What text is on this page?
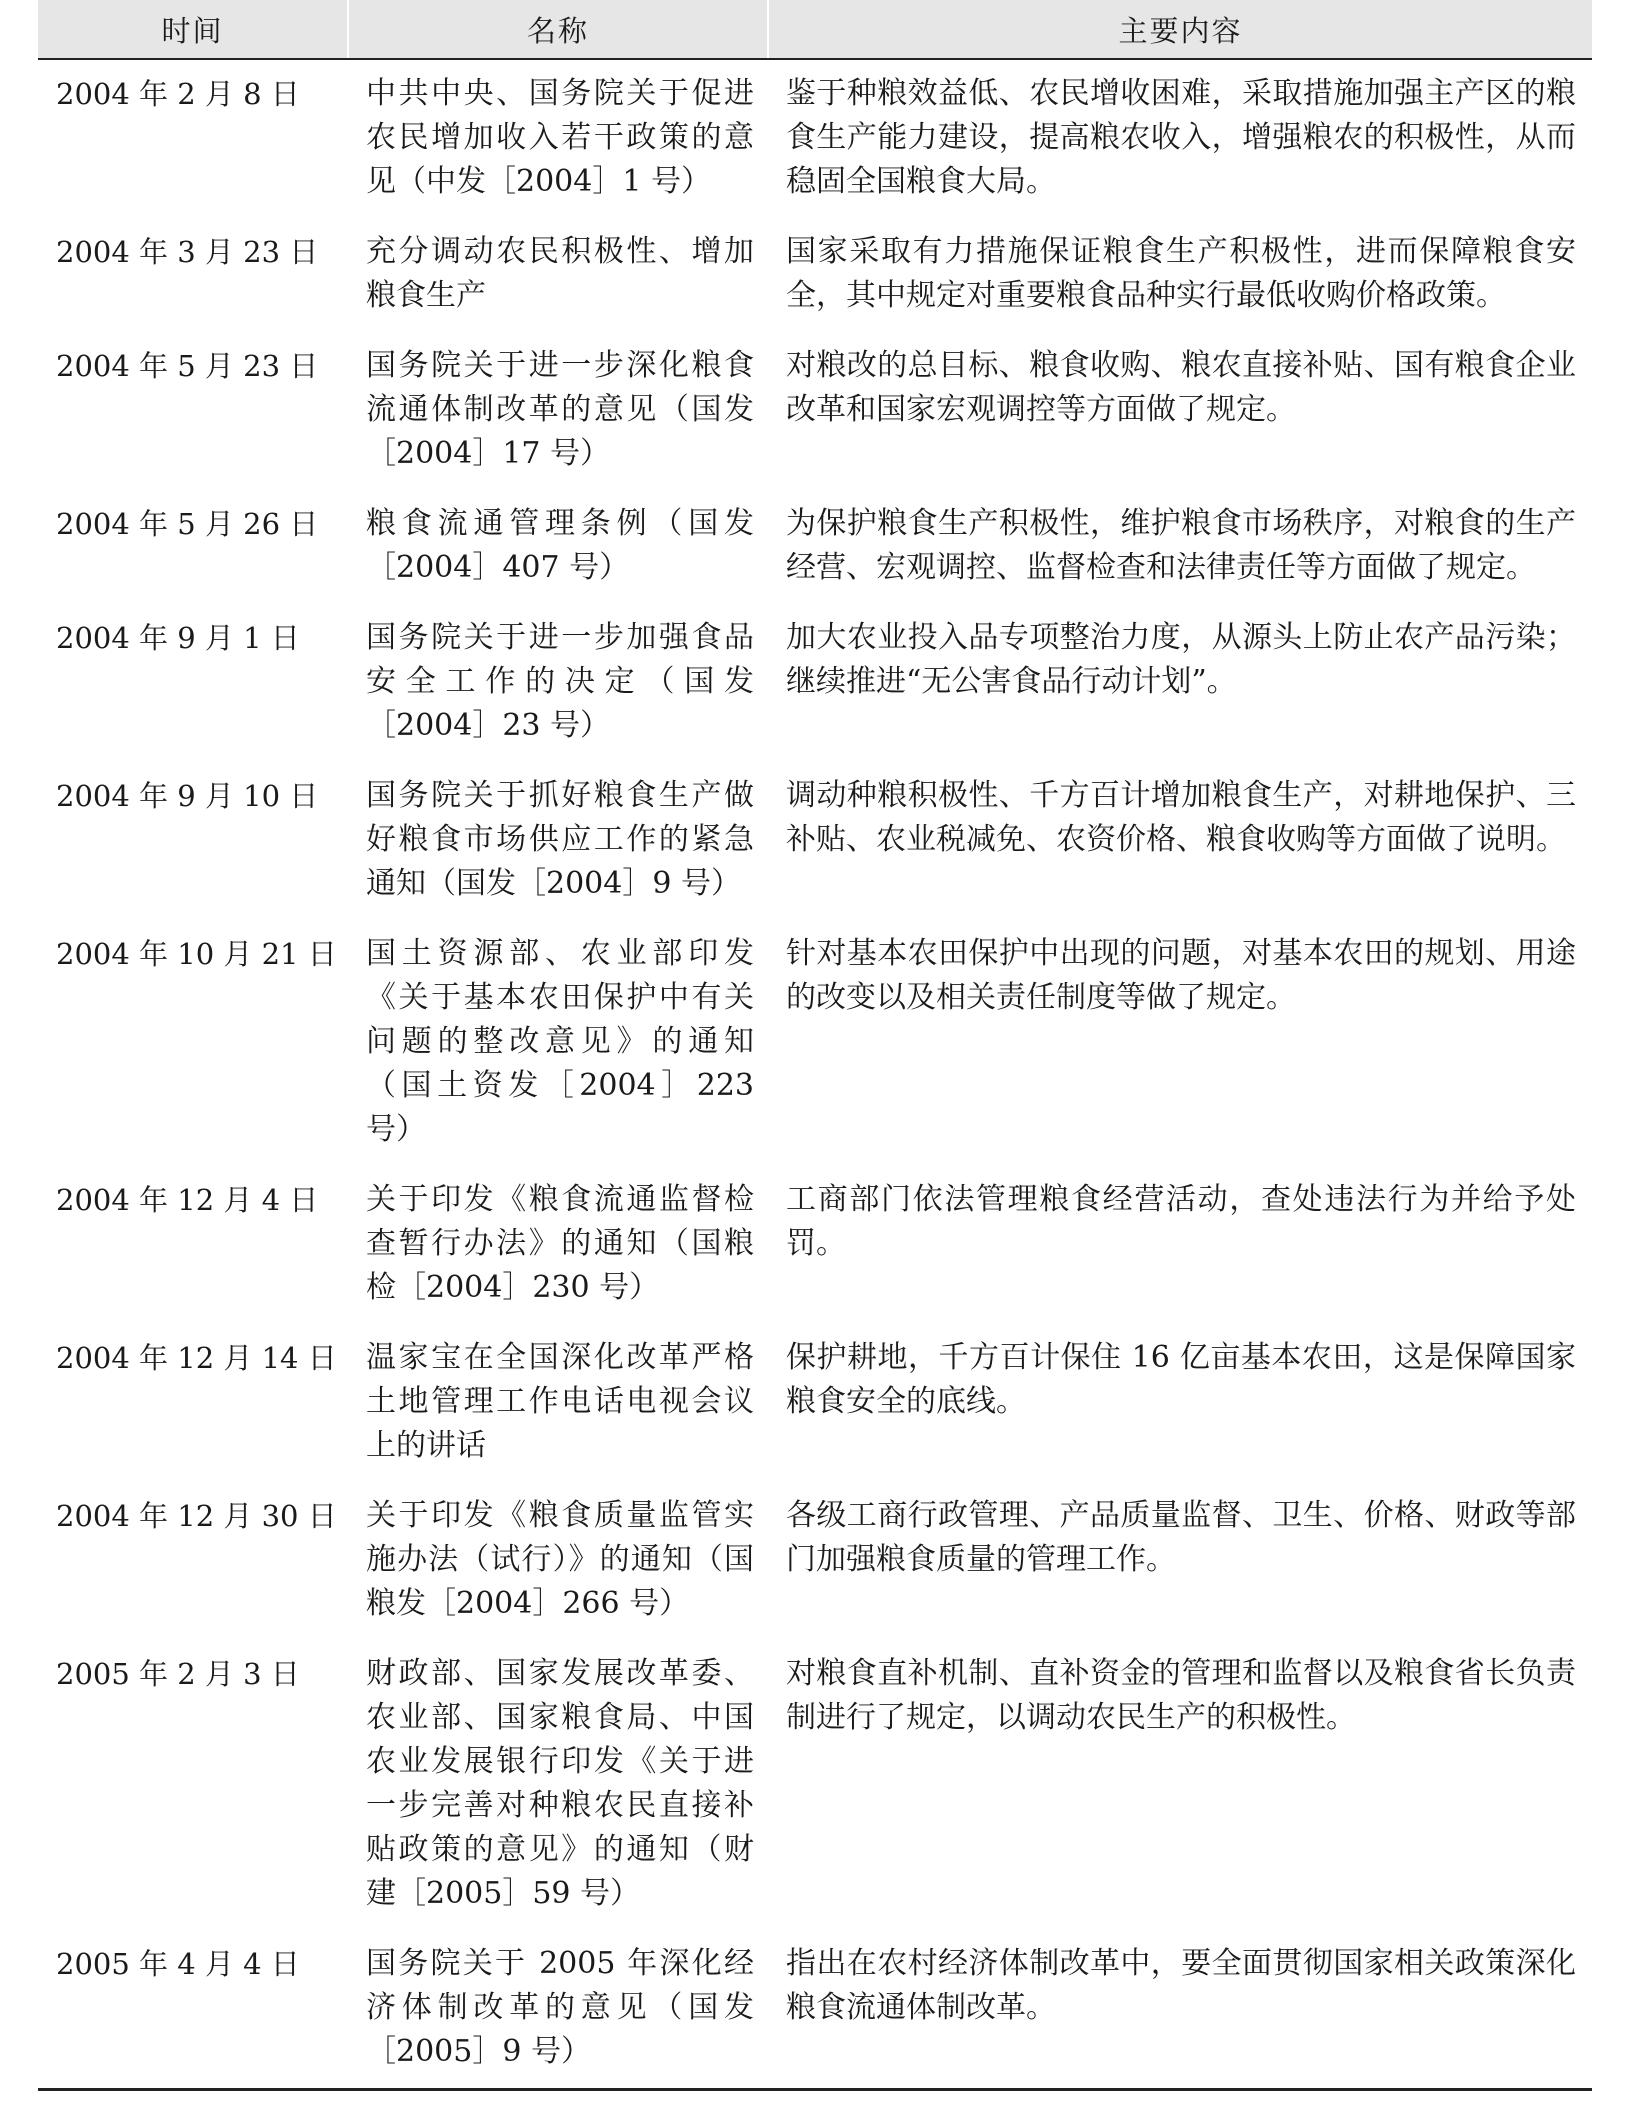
时间	名称	主要内容
2004 年 2 月 8 日	中共中央、国务院关于促进农民增加收入若干政策的意见（中发［2004］1 号）	鉴于种粮效益低、农民增收困难，采取措施加强主产区的粮食生产能力建设，提高粮农收入，增强粮农的积极性，从而稳固全国粮食大局。
2004 年 3 月 23 日	充分调动农民积极性、增加粮食生产	国家采取有力措施保证粮食生产积极性，进而保障粮食安全，其中规定对重要粮食品种实行最低收购价格政策。
2004 年 5 月 23 日	国务院关于进一步深化粮食流通体制改革的意见（国发［2004］17 号）	对粮改的总目标、粮食收购、粮农直接补贴、国有粮食企业改革和国家宏观调控等方面做了规定。
2004 年 5 月 26 日	粮食流通管理条例（国发［2004］407 号）	为保护粮食生产积极性，维护粮食市场秩序，对粮食的生产经营、宏观调控、监督检查和法律责任等方面做了规定。
2004 年 9 月 1 日	国务院关于进一步加强食品安全工作的决定（国发［2004］23 号）	加大农业投入品专项整治力度，从源头上防止农产品污染；继续推进“无公害食品行动计划”。
2004 年 9 月 10 日	国务院关于抓好粮食生产做好粮食市场供应工作的紧急通知（国发［2004］9 号）	调动种粮积极性、千方百计增加粮食生产，对耕地保护、三补贴、农业税减免、农资价格、粮食收购等方面做了说明。
2004 年 10 月 21 日	国土资源部、农业部印发《关于基本农田保护中有关问题的整改意见》的通知（国土资发［2004］223 号）	针对基本农田保护中出现的问题，对基本农田的规划、用途的改变以及相关责任制度等做了规定。
2004 年 12 月 4 日	关于印发《粮食流通监督检查暂行办法》的通知（国粮检［2004］230 号）	工商部门依法管理粮食经营活动，查处违法行为并给予处罚。
2004 年 12 月 14 日	温家宝在全国深化改革严格土地管理工作电话电视会议上的讲话	保护耕地，千方百计保住 16 亿亩基本农田，这是保障国家粮食安全的底线。
2004 年 12 月 30 日	关于印发《粮食质量监管实施办法（试行）》的通知（国粮发［2004］266 号）	各级工商行政管理、产品质量监督、卫生、价格、财政等部门加强粮食质量的管理工作。
2005 年 2 月 3 日	财政部、国家发展改革委、农业部、国家粮食局、中国农业发展银行印发《关于进一步完善对种粮农民直接补贴政策的意见》的通知（财建［2005］59 号）	对粮食直补机制、直补资金的管理和监督以及粮食省长负责制进行了规定，以调动农民生产的积极性。
2005 年 4 月 4 日	国务院关于 2005 年深化经济体制改革的意见（国发［2005］9 号）	指出在农村经济体制改革中，要全面贯彻国家相关政策深化粮食流通体制改革。
